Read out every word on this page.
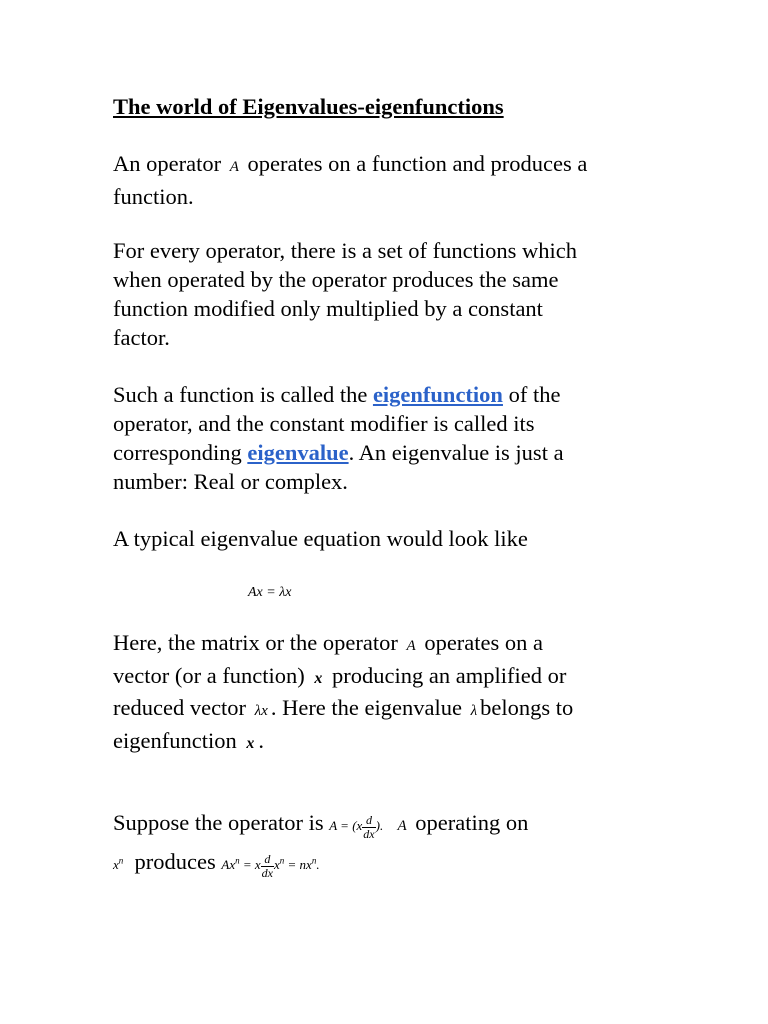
The world of Eigenvalues-eigenfunctions

An operator A operates on a function and produces a
function.

For every operator, there is a set of functions which
when operated by the operator produces the same
function modified only multiplied by a constant
factor.

Such a function is called the eigenfunction of the
operator, and the constant modifier is called its
corresponding eigenvalue. An eigenvalue is just a
number: Real or complex.

A typical eigenvalue equation would look like

Ax = λx

Here, the matrix or the operator A operates on a
vector (or a function) x producing an amplified or
reduced vector λx . Here the eigenvalue λ belongs to
eigenfunction x .

Suppose the operator is $A = (x \frac{d}{dx}$ ). A operating on
$x^n$ produces $Ax^n = x \frac{d}{dx} x^n = nx^n$.
